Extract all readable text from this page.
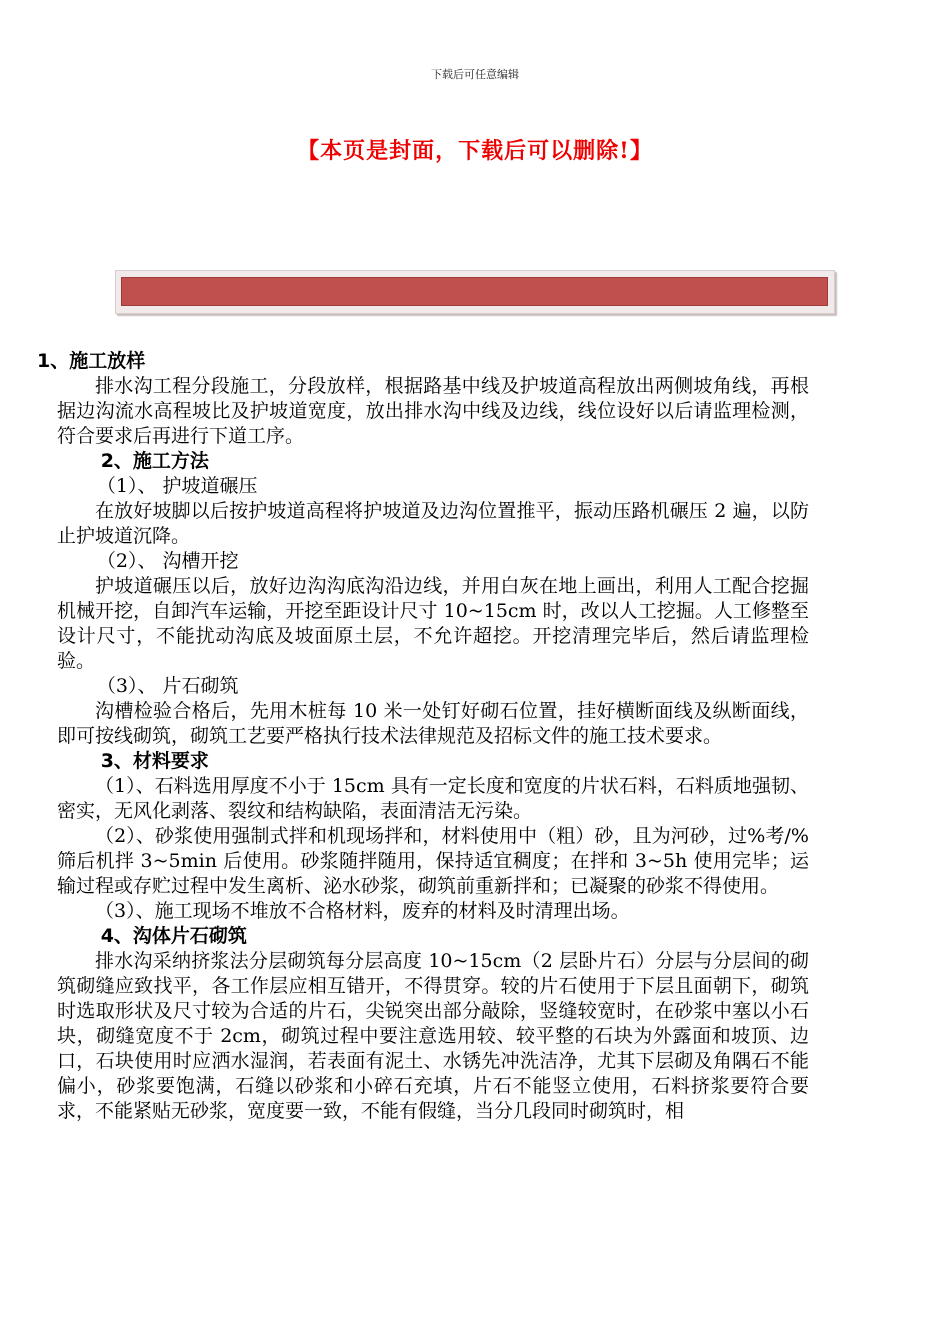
下载后可任意编辑
【本页是封面，下载后可以删除!】

1、施工放样

排水沟工程分段施工，分段放样，根据路基中线及护坡道高程放出两侧坡角线，再根据边沟流水高程坡比及护坡道宽度，放出排水沟中线及边线，线位设好以后请监理检测，符合要求后再进行下道工序。

2、施工方法

（1）、 护坡道碾压

在放好坡脚以后按护坡道高程将护坡道及边沟位置推平，振动压路机碾压 2 遍，以防止护坡道沉降。

（2）、 沟槽开挖

护坡道碾压以后，放好边沟沟底沟沿边线，并用白灰在地上画出，利用人工配合挖掘机械开挖，自卸汽车运输，开挖至距设计尺寸 10~15cm 时，改以人工挖掘。人工修整至设计尺寸，不能扰动沟底及坡面原土层，不允许超挖。开挖清理完毕后，然后请监理检验。

（3）、 片石砌筑

沟槽检验合格后，先用木桩每 10 米一处钉好砌石位置，挂好横断面线及纵断面线，即可按线砌筑，砌筑工艺要严格执行技术法律规范及招标文件的施工技术要求。

3、材料要求

（1）、石料选用厚度不小于 15cm 具有一定长度和宽度的片状石料，石料质地强韧、密实，无风化剥落、裂纹和结构缺陷，表面清洁无污染。

（2）、砂浆使用强制式拌和机现场拌和，材料使用中（粗）砂，且为河砂，过%考/%筛后机拌 3~5min 后使用。砂浆随拌随用，保持适宜稠度；在拌和 3~5h 使用完毕；运输过程或存贮过程中发生离析、泌水砂浆，砌筑前重新拌和；已凝聚的砂浆不得使用。

（3）、施工现场不堆放不合格材料，废弃的材料及时清理出场。

4、沟体片石砌筑

排水沟采纳挤浆法分层砌筑每分层高度 10~15cm（2 层卧片石）分层与分层间的砌筑砌缝应致找平，各工作层应相互错开，不得贯穿。较的片石使用于下层且面朝下，砌筑时选取形状及尺寸较为合适的片石，尖锐突出部分敲除，竖缝较宽时，在砂浆中塞以小石块，砌缝宽度不于 2cm，砌筑过程中要注意选用较、较平整的石块为外露面和坡顶、边口，石块使用时应洒水湿润，若表面有泥土、水锈先冲洗洁净，尤其下层砌及角隅石不能偏小，砂浆要饱满，石缝以砂浆和小碎石充填，片石不能竖立使用，石料挤浆要符合要求，不能紧贴无砂浆，宽度要一致，不能有假缝，当分几段同时砌筑时，相
